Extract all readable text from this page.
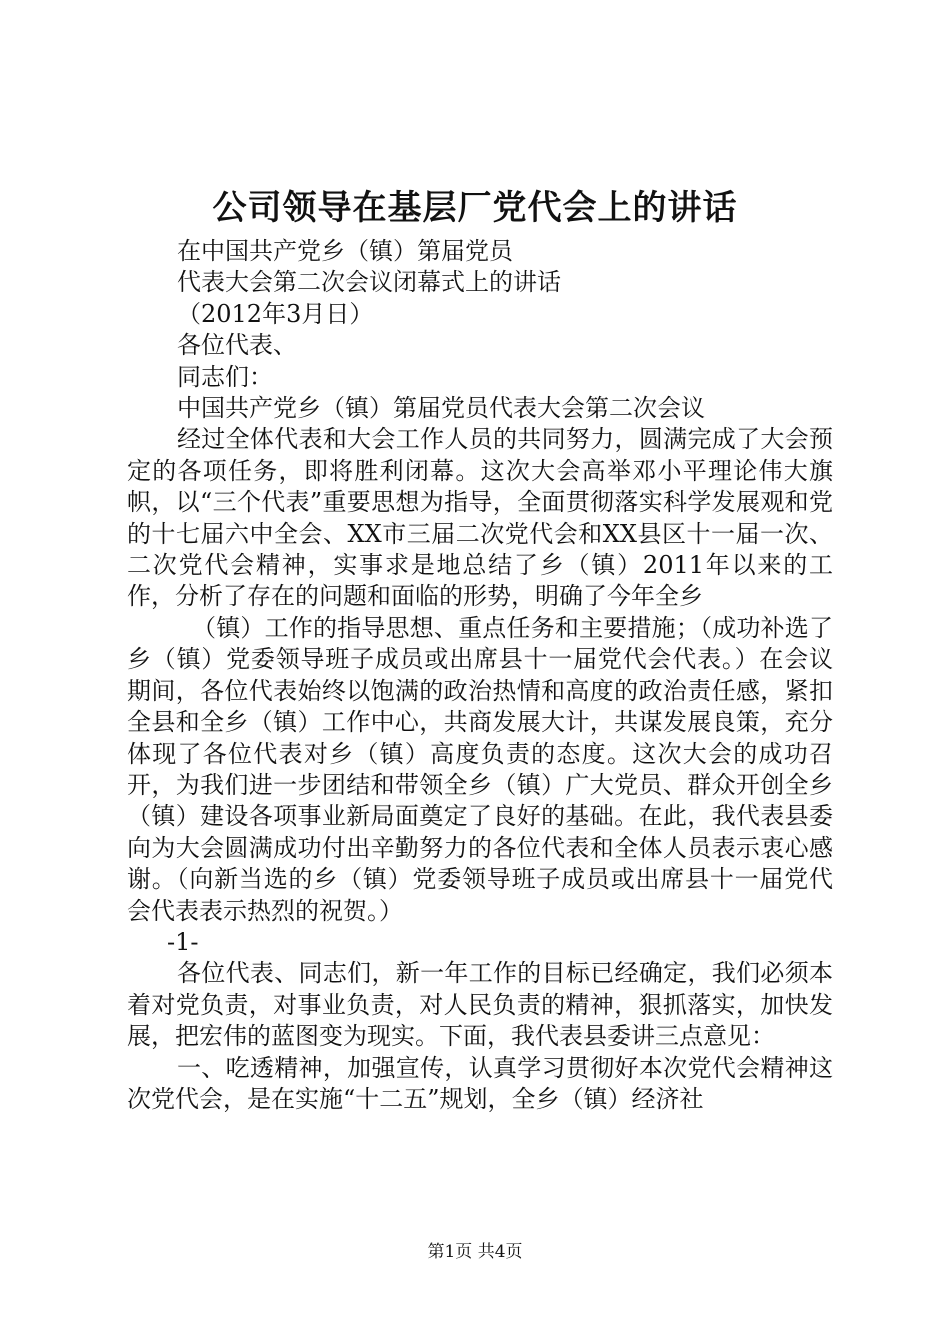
公司领导在基层厂党代会上的讲话
在中国共产党乡（镇）第届党员
代表大会第二次会议闭幕式上的讲话
（2012年3月日）
各位代表、
同志们：
中国共产党乡（镇）第届党员代表大会第二次会议

经过全体代表和大会工作人员的共同努力，圆满完成了大会预定的各项任务，即将胜利闭幕。这次大会高举邓小平理论伟大旗帜，以“三个代表”重要思想为指导，全面贯彻落实科学发展观和党的十七届六中全会、XX市三届二次党代会和XX县区十一届一次、二次党代会精神，实事求是地总结了乡（镇）2011年以来的工作，分析了存在的问题和面临的形势，明确了今年全乡

（镇）工作的指导思想、重点任务和主要措施；（成功补选了乡（镇）党委领导班子成员或出席县十一届党代会代表。）在会议期间，各位代表始终以饱满的政治热情和高度的政治责任感，紧扣全县和全乡（镇）工作中心，共商发展大计，共谋发展良策，充分体现了各位代表对乡（镇）高度负责的态度。这次大会的成功召开，为我们进一步团结和带领全乡（镇）广大党员、群众开创全乡（镇）建设各项事业新局面奠定了良好的基础。在此，我代表县委向为大会圆满成功付出辛勤努力的各位代表和全体人员表示衷心感谢。（向新当选的乡（镇）党委领导班子成员或出席县十一届党代会代表表示热烈的祝贺。）

-1-

各位代表、同志们，新一年工作的目标已经确定，我们必须本着对党负责，对事业负责，对人民负责的精神，狠抓落实，加快发展，把宏伟的蓝图变为现实。下面，我代表县委讲三点意见：

一、吃透精神，加强宣传，认真学习贯彻好本次党代会精神这次党代会，是在实施“十二五”规划，全乡（镇）经济社

第1页 共4页
